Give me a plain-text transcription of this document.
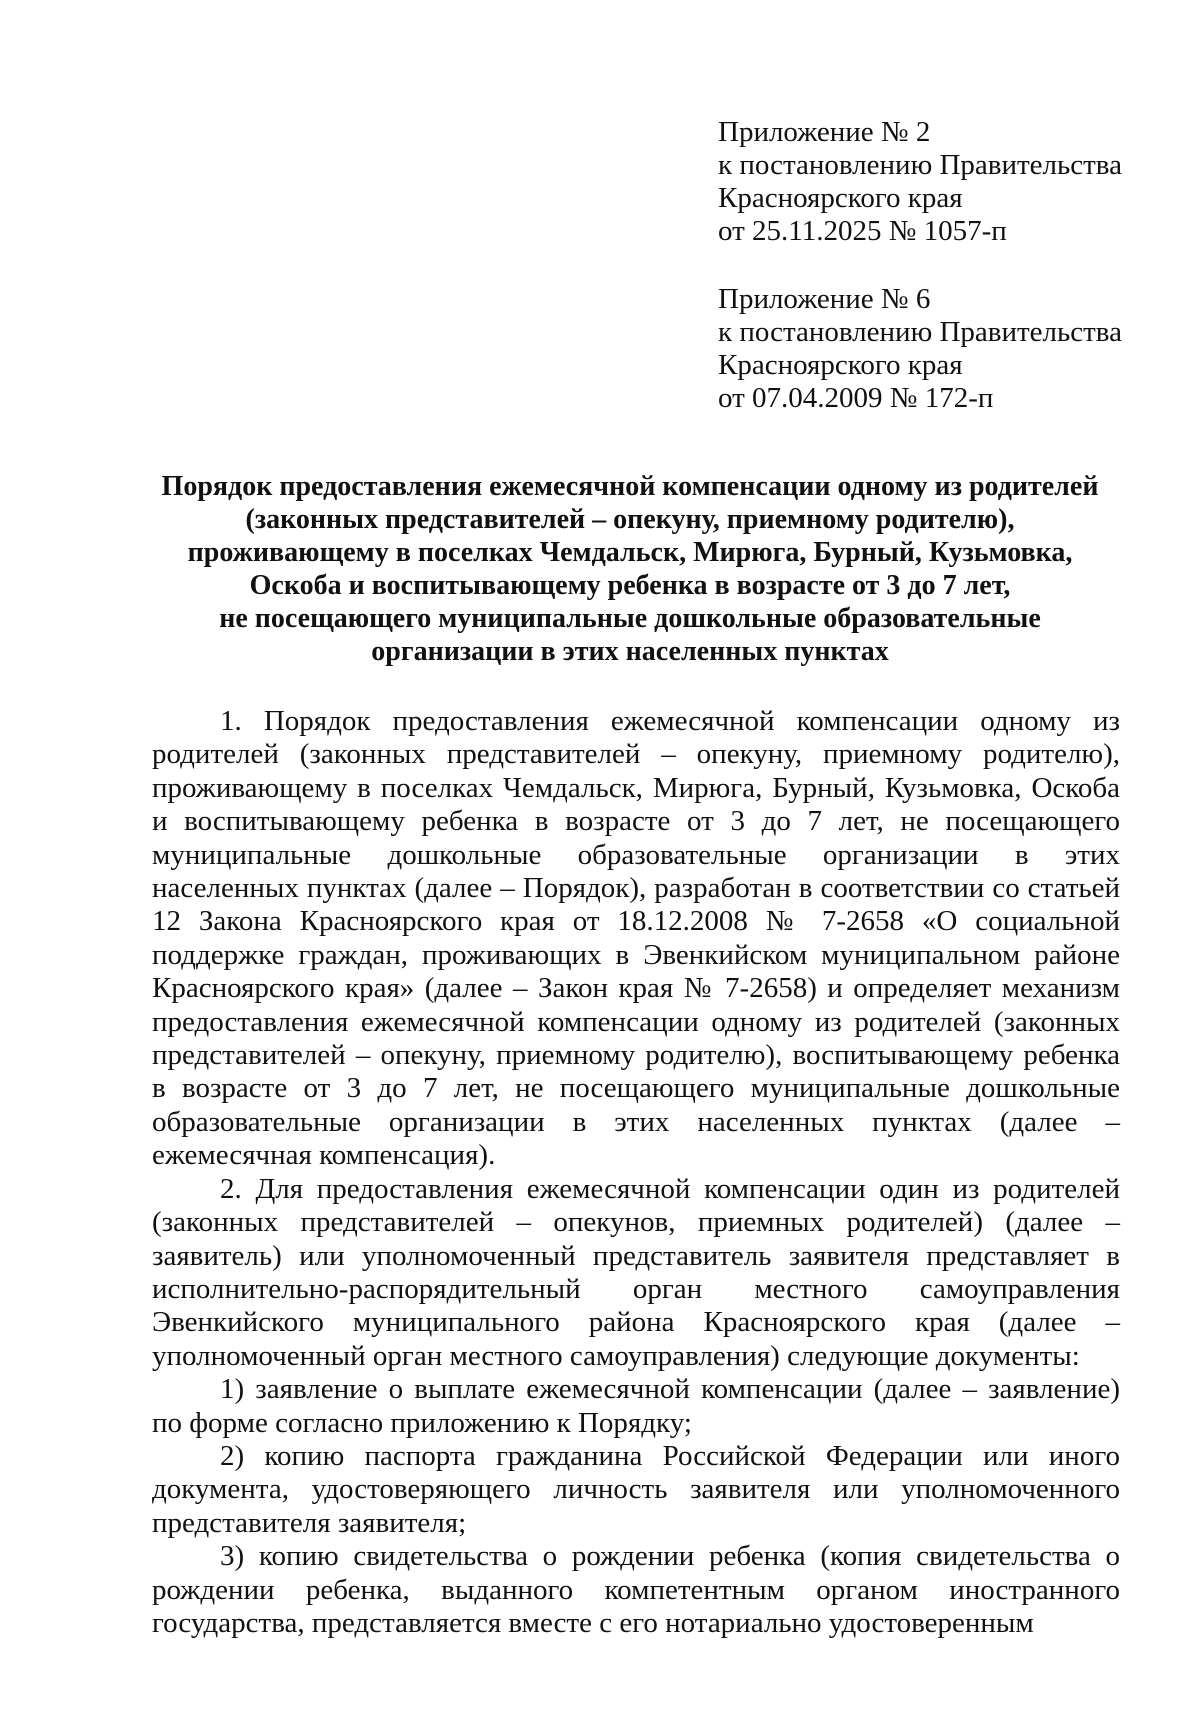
Приложение № 2
к постановлению Правительства
Красноярского края
от 25.11.2025 № 1057-п
Приложение № 6
к постановлению Правительства
Красноярского края
от 07.04.2009 № 172-п
Порядок предоставления ежемесячной компенсации одному из родителей
(законных представителей – опекуну, приемному родителю),
проживающему в поселках Чемдальск, Мирюга, Бурный, Кузьмовка,
Оскоба и воспитывающему ребенка в возрасте от 3 до 7 лет,
не посещающего муниципальные дошкольные образовательные
организации в этих населенных пунктах

1. Порядок предоставления ежемесячной компенсации одному из родителей (законных представителей – опекуну, приемному родителю), проживающему в поселках Чемдальск, Мирюга, Бурный, Кузьмовка, Оскоба и воспитывающему ребенка в возрасте от 3 до 7 лет, не посещающего муниципальные дошкольные образовательные организации в этих населенных пунктах (далее – Порядок), разработан в соответствии со статьей 12 Закона Красноярского края от 18.12.2008 № 7-2658 «О социальной поддержке граждан, проживающих в Эвенкийском муниципальном районе Красноярского края» (далее – Закон края № 7-2658) и определяет механизм предоставления ежемесячной компенсации одному из родителей (законных представителей – опекуну, приемному родителю), воспитывающему ребенка в возрасте от 3 до 7 лет, не посещающего муниципальные дошкольные образовательные организации в этих населенных пунктах (далее – ежемесячная компенсация).

2. Для предоставления ежемесячной компенсации один из родителей (законных представителей – опекунов, приемных родителей) (далее – заявитель) или уполномоченный представитель заявителя представляет в исполнительно-распорядительный орган местного самоуправления Эвенкийского муниципального района Красноярского края (далее – уполномоченный орган местного самоуправления) следующие документы:

1) заявление о выплате ежемесячной компенсации (далее – заявление) по форме согласно приложению к Порядку;

2) копию паспорта гражданина Российской Федерации или иного документа, удостоверяющего личность заявителя или уполномоченного представителя заявителя;

3) копию свидетельства о рождении ребенка (копия свидетельства о рождении ребенка, выданного компетентным органом иностранного государства, представляется вместе с его нотариально удостоверенным
